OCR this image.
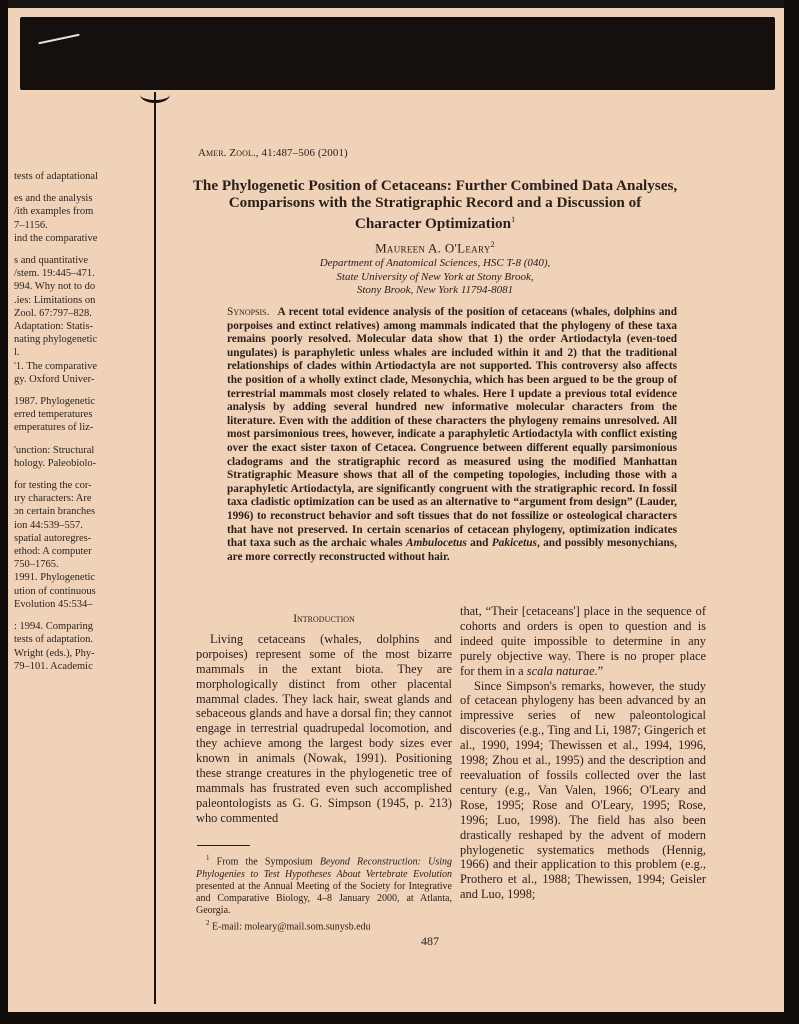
tests of adaptational
es and the analysis
/ith examples from
7–1156.
ind the comparative
s and quantitative
/stem. 19:445–471.
994. Why not to do
.ies: Limitations on
Zool. 67:797–828.
Adaptation: Statis-
nating phylogenetic
l.
'1. The comparative
gy. Oxford Univer-
1987. Phylogenetic
erred temperatures
emperatures of liz-
'unction: Structural
hology. Paleobiolo-
for testing the cor-
ıry characters: Are
ɔn certain branches
ion 44:539–557.
spatial autoregres-
ethod: A computer
750–1765.
1991. Phylogenetic
ution of continuous
Evolution 45:534–
: 1994. Comparing
tests of adaptation.
Wright (eds.), Phy-
79–101. Academic
Amer. Zool., 41:487–506 (2001)
The Phylogenetic Position of Cetaceans: Further Combined Data Analyses,
Comparisons with the Stratigraphic Record and a Discussion of
Character Optimization$^1$
Maureen A. O'Leary$^2$
Department of Anatomical Sciences, HSC T-8 (040),
State University of New York at Stony Brook,
Stony Brook, New York 11794-8081
Synopsis. A recent total evidence analysis of the position of cetaceans (whales, dolphins and porpoises and extinct relatives) among mammals indicated that the phylogeny of these taxa remains poorly resolved. Molecular data show that 1) the order Artiodactyla (even-toed ungulates) is paraphyletic unless whales are included within it and 2) that the traditional relationships of clades within Artiodactyla are not supported. This controversy also affects the position of a wholly extinct clade, Mesonychia, which has been argued to be the group of terrestrial mammals most closely related to whales. Here I update a previous total evidence analysis by adding several hundred new informative molecular characters from the literature. Even with the addition of these characters the phylogeny remains unresolved. All most parsimonious trees, however, indicate a paraphyletic Artiodactyla with conflict existing over the exact sister taxon of Cetacea. Congruence between different equally parsimonious cladograms and the stratigraphic record as measured using the modified Manhattan Stratigraphic Measure shows that all of the competing topologies, including those with a paraphyletic Artiodactyla, are significantly congruent with the stratigraphic record. In fossil taxa cladistic optimization can be used as an alternative to “argument from design” (Lauder, 1996) to reconstruct behavior and soft tissues that do not fossilize or osteological characters that have not preserved. In certain scenarios of cetacean phylogeny, optimization indicates that taxa such as the archaic whales Ambulocetus and Pakicetus, and possibly mesonychians, are more correctly reconstructed without hair.
Introduction

Living cetaceans (whales, dolphins and porpoises) represent some of the most bizarre mammals in the extant biota. They are morphologically distinct from other placental mammal clades. They lack hair, sweat glands and sebaceous glands and have a dorsal fin; they cannot engage in terrestrial quadrupedal locomotion, and they achieve among the largest body sizes ever known in animals (Nowak, 1991). Positioning these strange creatures in the phylogenetic tree of mammals has frustrated even such accomplished paleontologists as G. G. Simpson (1945, p. 213) who commented

$^1$ From the Symposium Beyond Reconstruction: Using Phylogenies to Test Hypotheses About Vertebrate Evolution presented at the Annual Meeting of the Society for Integrative and Comparative Biology, 4–8 January 2000, at Atlanta, Georgia.

$^2$ E-mail: moleary@mail.som.sunysb.edu

that, “Their [cetaceans'] place in the sequence of cohorts and orders is open to question and is indeed quite impossible to determine in any purely objective way. There is no proper place for them in a scala naturae.”

Since Simpson's remarks, however, the study of cetacean phylogeny has been advanced by an impressive series of new paleontological discoveries (e.g., Ting and Li, 1987; Gingerich et al., 1990, 1994; Thewissen et al., 1994, 1996, 1998; Zhou et al., 1995) and the description and reevaluation of fossils collected over the last century (e.g., Van Valen, 1966; O'Leary and Rose, 1995; Rose and O'Leary, 1995; Rose, 1996; Luo, 1998). The field has also been drastically reshaped by the advent of modern phylogenetic systematics methods (Hennig, 1966) and their application to this problem (e.g., Prothero et al., 1988; Thewissen, 1994; Geisler and Luo, 1998;

487
